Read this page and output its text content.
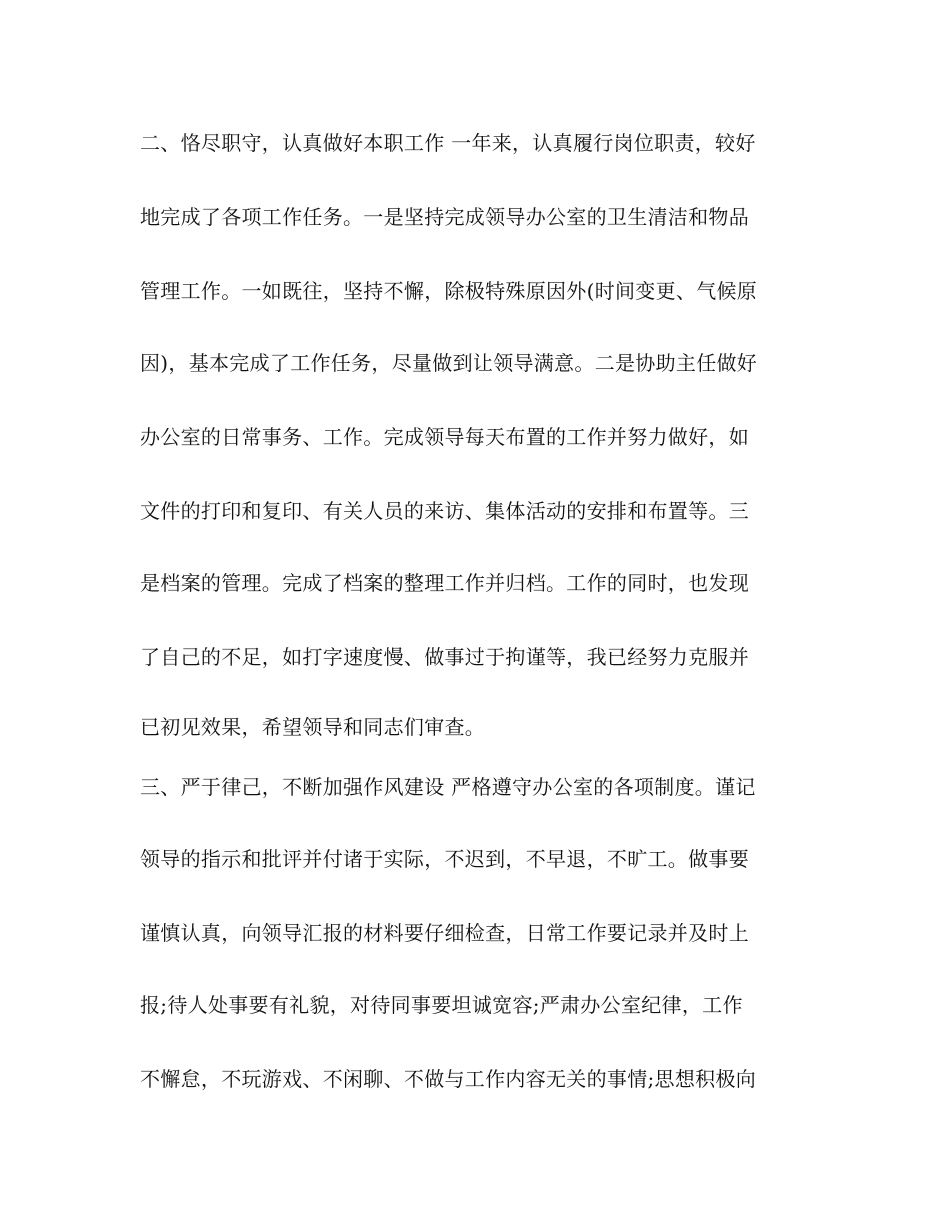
二、恪尽职守，认真做好本职工作 一年来，认真履行岗位职责，较好
地完成了各项工作任务。一是坚持完成领导办公室的卫生清洁和物品
管理工作。一如既往，坚持不懈，除极特殊原因外(时间变更、气候原
因)，基本完成了工作任务，尽量做到让领导满意。二是协助主任做好
办公室的日常事务、工作。完成领导每天布置的工作并努力做好，如
文件的打印和复印、有关人员的来访、集体活动的安排和布置等。三
是档案的管理。完成了档案的整理工作并归档。工作的同时，也发现
了自己的不足，如打字速度慢、做事过于拘谨等，我已经努力克服并
已初见效果，希望领导和同志们审查。
三、严于律己，不断加强作风建设 严格遵守办公室的各项制度。谨记
领导的指示和批评并付诸于实际，不迟到，不早退，不旷工。做事要
谨慎认真，向领导汇报的材料要仔细检查，日常工作要记录并及时上
报;待人处事要有礼貌，对待同事要坦诚宽容;严肃办公室纪律，工作
不懈怠，不玩游戏、不闲聊、不做与工作内容无关的事情;思想积极向
